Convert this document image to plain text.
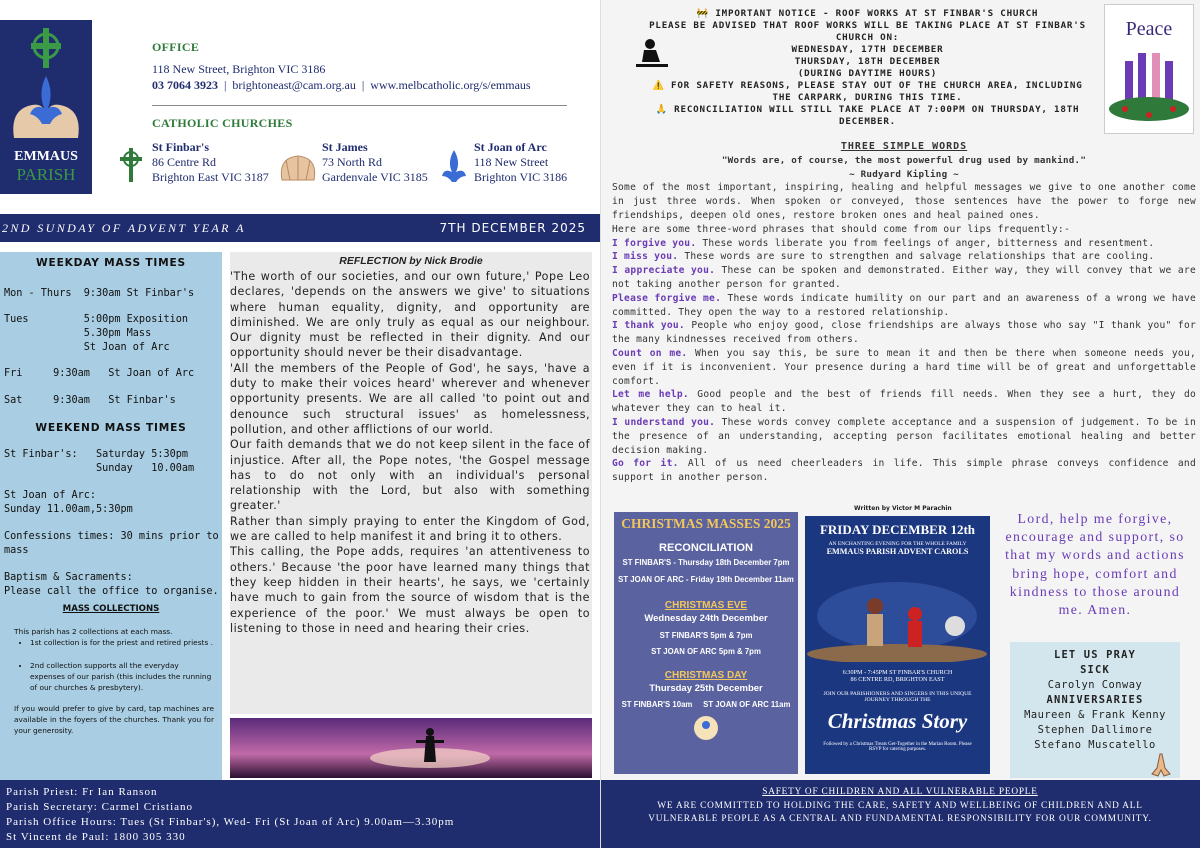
EMMAUS
PARISH
OFFICE
118 New Street, Brighton VIC 3186
03 7064 3923 | brightoneast@cam.org.au | www.melbcatholic.org/s/emmaus
CATHOLIC CHURCHES
St Finbar's
86 Centre Rd
Brighton East VIC 3187
St James
73 North Rd
Gardenvale VIC 3185
St Joan of Arc
118 New Street
Brighton VIC 3186
2ND SUNDAY OF ADVENT YEAR A	7TH DECEMBER 2025
WEEKDAY MASS TIMES
Mon - Thurs  9:30am St Finbar's
Tues         5:00pm Exposition
5.30pm Mass
St Joan of Arc
Fri     9:30am   St Joan of Arc
Sat     9:30am   St Finbar's
WEEKEND MASS TIMES
St Finbar's:   Saturday 5:30pm
Sunday   10.00am
St Joan of Arc:
Sunday 11.00am,5:30pm
Confessions times: 30 mins prior to
mass
Baptism & Sacraments:
Please call the office to organise.
MASS COLLECTIONS
This parish has 2 collections at each mass.
• 1st collection is for the priest and retired priests .
• 2nd collection supports all the everyday expenses of our parish (this includes the running of our churches & presbytery).
If you would prefer to give by card, tap machines are available in the foyers of the churches. Thank you for your generosity.
REFLECTION by Nick Brodie

'The worth of our societies, and our own future,' Pope Leo declares, 'depends on the answers we give' to situations where human equality, dignity, and opportunity are diminished. We are only truly as equal as our neighbour. Our dignity must be reflected in their dignity. And our opportunity should never be their disadvantage.

'All the members of the People of God', he says, 'have a duty to make their voices heard' wherever and whenever opportunity presents. We are all called 'to point out and denounce such structural issues' as homelessness, pollution, and other afflictions of our world.

Our faith demands that we do not keep silent in the face of injustice. After all, the Pope notes, 'the Gospel message has to do not only with an individual's personal relationship with the Lord, but also with something greater.'

Rather than simply praying to enter the Kingdom of God, we are called to help manifest it and bring it to others.

This calling, the Pope adds, requires 'an attentiveness to others.' Because 'the poor have learned many things that they keep hidden in their hearts', he says, we 'certainly have much to gain from the source of wisdom that is the experience of the poor.' We must always be open to listening to those in need and hearing their cries.

Parish Priest: Fr Ian Ranson
Parish Secretary: Carmel Cristiano
Parish Office Hours: Tues (St Finbar's), Wed- Fri (St Joan of Arc) 9.00am—3.30pm
St Vincent de Paul: 1800 305 330
🚧 IMPORTANT NOTICE - ROOF WORKS AT ST FINBAR'S CHURCH
PLEASE BE ADVISED THAT ROOF WORKS WILL BE TAKING PLACE AT ST FINBAR'S CHURCH ON:
WEDNESDAY, 17TH DECEMBER
THURSDAY, 18TH DECEMBER
(DURING DAYTIME HOURS)
⚠️ FOR SAFETY REASONS, PLEASE STAY OUT OF THE CHURCH AREA, INCLUDING THE CARPARK, DURING THIS TIME.
🙏 RECONCILIATION WILL STILL TAKE PLACE AT 7:00PM ON THURSDAY, 18TH DECEMBER.
Peace
THREE SIMPLE WORDS
"Words are, of course, the most powerful drug used by mankind."
~ Rudyard Kipling ~

Some of the most important, inspiring, healing and helpful messages we give to one another come in just three words. When spoken or conveyed, those sentences have the power to forge new friendships, deepen old ones, restore broken ones and heal pained ones.

Here are some three-word phrases that should come from our lips frequently:-

I forgive you. These words liberate you from feelings of anger, bitterness and resentment.

I miss you. These words are sure to strengthen and salvage relationships that are cooling.

I appreciate you. These can be spoken and demonstrated. Either way, they will convey that we are not taking another person for granted.

Please forgive me. These words indicate humility on our part and an awareness of a wrong we have committed. They open the way to a restored relationship.

I thank you. People who enjoy good, close friendships are always those who say "I thank you" for the many kindnesses received from others.

Count on me. When you say this, be sure to mean it and then be there when someone needs you, even if it is inconvenient. Your presence during a hard time will be of great and unforgettable comfort.

Let me help. Good people and the best of friends fill needs. When they see a hurt, they do whatever they can to heal it.

I understand you. These words convey complete acceptance and a suspension of judgement. To be in the presence of an understanding, accepting person facilitates emotional healing and better decision making.

Go for it. All of us need cheerleaders in life. This simple phrase conveys confidence and support in another person.

Written by Victor M Parachin
CHRISTMAS MASSES 2025
RECONCILIATION
ST FINBAR'S - Thursday 18th December 7pm
ST JOAN OF ARC - Friday 19th December 11am
CHRISTMAS EVE
Wednesday 24th December
ST FINBAR'S 5pm & 7pm
ST JOAN OF ARC 5pm & 7pm
CHRISTMAS DAY
Thursday 25th December
ST FINBAR'S 10am     ST JOAN OF ARC 11am
FRIDAY DECEMBER 12th
AN ENCHANTING EVENING FOR THE WHOLE FAMILY
EMMAUS PARISH ADVENT CAROLS
6:30PM - 7:45PM ST FINBAR'S CHURCH
86 CENTRE RD, BRIGHTON EAST
JOIN OUR PARISHIONERS AND SINGERS IN THIS UNIQUE JOURNEY THROUGH THE
Christmas Story
Followed by a Christmas Treats Get-Together in the Marian Room. Please RSVP for catering purposes.
Lord, help me forgive, encourage and support, so that my words and actions bring hope, comfort and kindness to those around me. Amen.
LET US PRAY
SICK
Carolyn Conway
ANNIVERSARIES
Maureen & Frank Kenny
Stephen Dallimore
Stefano Muscatello
SAFETY OF CHILDREN AND ALL VULNERABLE PEOPLE
WE ARE COMMITTED TO HOLDING THE CARE, SAFETY AND WELLBEING OF CHILDREN AND ALL VULNERABLE PEOPLE AS A CENTRAL AND FUNDAMENTAL RESPONSIBILITY FOR OUR COMMUNITY.
